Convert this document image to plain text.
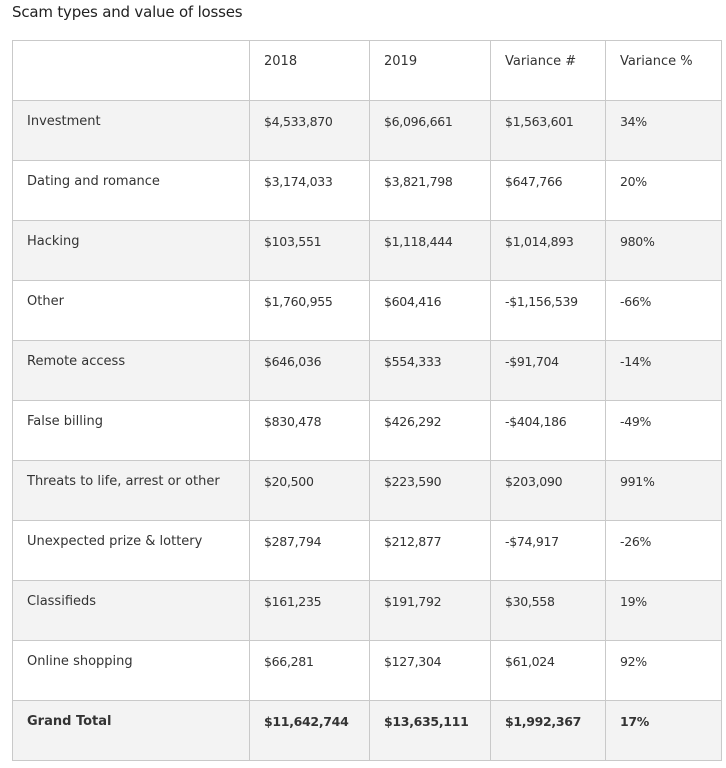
Scam types and value of losses

	2018	2019	Variance #	Variance %

Investment	$4,533,870	$6,096,661	$1,563,601	34%

Dating and romance	$3,174,033	$3,821,798	$647,766	20%

Hacking	$103,551	$1,118,444	$1,014,893	980%

Other	$1,760,955	$604,416	-$1,156,539	-66%

Remote access	$646,036	$554,333	-$91,704	-14%

False billing	$830,478	$426,292	-$404,186	-49%

Threats to life, arrest or other	$20,500	$223,590	$203,090	991%

Unexpected prize & lottery	$287,794	$212,877	-$74,917	-26%

Classifieds	$161,235	$191,792	$30,558	19%

Online shopping	$66,281	$127,304	$61,024	92%

Grand Total	$11,642,744	$13,635,111	$1,992,367	17%
